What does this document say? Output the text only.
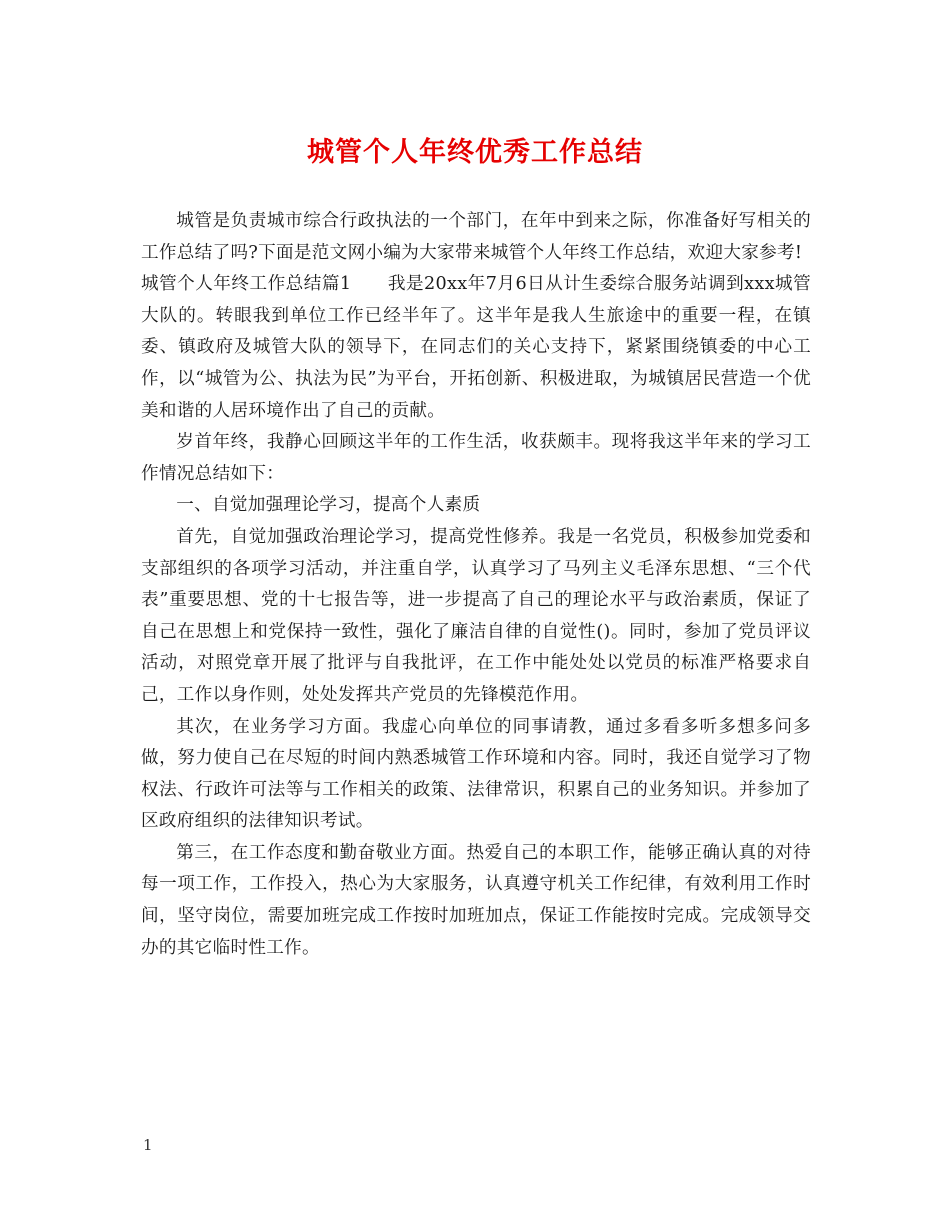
城管个人年终优秀工作总结

城管是负责城市综合行政执法的一个部门，在年中到来之际，你准备好写相关的工作总结了吗?下面是范文网小编为大家带来城管个人年终工作总结，欢迎大家参考!

城管个人年终工作总结篇1 我是20xx年7月6日从计生委综合服务站调到xxx城管大队的。转眼我到单位工作已经半年了。这半年是我人生旅途中的重要一程，在镇委、镇政府及城管大队的领导下，在同志们的关心支持下，紧紧围绕镇委的中心工作，以“城管为公、执法为民”为平台，开拓创新、积极进取，为城镇居民营造一个优美和谐的人居环境作出了自己的贡献。

岁首年终，我静心回顾这半年的工作生活，收获颇丰。现将我这半年来的学习工作情况总结如下：

一、自觉加强理论学习，提高个人素质

首先，自觉加强政治理论学习，提高党性修养。我是一名党员，积极参加党委和支部组织的各项学习活动，并注重自学，认真学习了马列主义毛泽东思想、“三个代表”重要思想、党的十七报告等，进一步提高了自己的理论水平与政治素质，保证了自己在思想上和党保持一致性，强化了廉洁自律的自觉性()。同时，参加了党员评议活动，对照党章开展了批评与自我批评，在工作中能处处以党员的标准严格要求自己，工作以身作则，处处发挥共产党员的先锋模范作用。

其次，在业务学习方面。我虚心向单位的同事请教，通过多看多听多想多问多做，努力使自己在尽短的时间内熟悉城管工作环境和内容。同时，我还自觉学习了物权法、行政许可法等与工作相关的政策、法律常识，积累自己的业务知识。并参加了区政府组织的法律知识考试。

第三，在工作态度和勤奋敬业方面。热爱自己的本职工作，能够正确认真的对待每一项工作，工作投入，热心为大家服务，认真遵守机关工作纪律，有效利用工作时间，坚守岗位，需要加班完成工作按时加班加点，保证工作能按时完成。完成领导交办的其它临时性工作。

1
